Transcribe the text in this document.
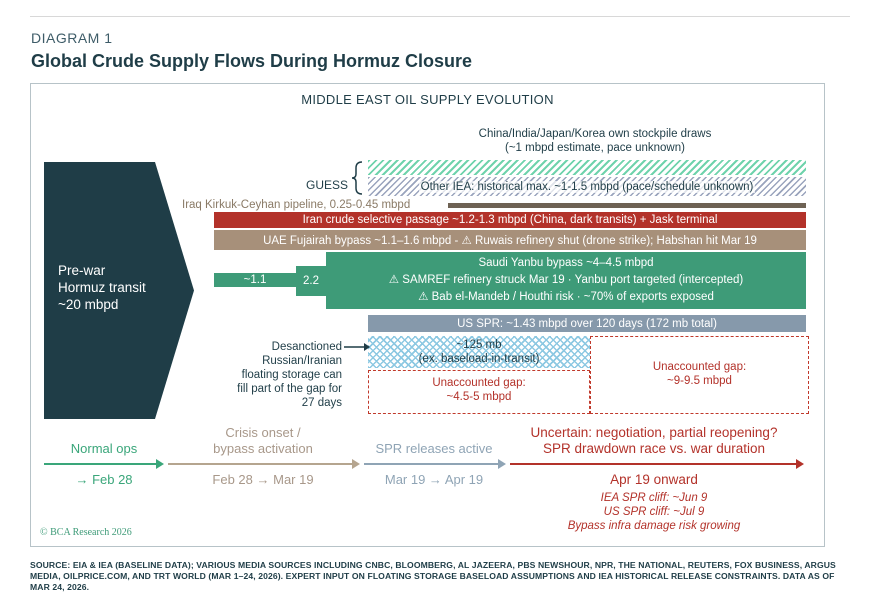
DIAGRAM 1
Global Crude Supply Flows During Hormuz Closure
MIDDLE EAST OIL SUPPLY EVOLUTION
Pre-war
Hormuz transit
~20 mbpd
China/India/Japan/Korea own stockpile draws
(~1 mbpd estimate, pace unknown)
GUESS	Other IEA: historical max. ~1-1.5 mbpd (pace/schedule unknown)
Iraq Kirkuk-Ceyhan pipeline, 0.25-0.45 mbpd
Iran crude selective passage ~1.2-1.3 mbpd (China, dark transits) + Jask terminal
UAE Fujairah bypass ~1.1–1.6 mbpd - ⚠ Ruwais refinery shut (drone strike); Habshan hit Mar 19
~1.1	2.2
Saudi Yanbu bypass ~4–4.5 mbpd
⚠ SAMREF refinery struck Mar 19 · Yanbu port targeted (intercepted)
⚠ Bab el-Mandeb / Houthi risk · ~70% of exports exposed
US SPR: ~1.43 mbpd over 120 days (172 mb total)
~125 mb
(ex. baseload-in-transit)
Desanctioned
Russian/Iranian
floating storage can
fill part of the gap for
27 days
Unaccounted gap:
~4.5-5 mbpd
Unaccounted gap:
~9-9.5 mbpd
Normal ops
Crisis onset /
bypass activation	SPR releases active
Uncertain: negotiation, partial reopening?
SPR drawdown race vs. war duration
→ Feb 28	Feb 28 → Mar 19	Mar 19 → Apr 19	Apr 19 onward
IEA SPR cliff: ~Jun 9
US SPR cliff: ~Jul 9
Bypass infra damage risk growing
© BCA Research 2026
SOURCE: EIA & IEA (BASELINE DATA); VARIOUS MEDIA SOURCES INCLUDING CNBC, BLOOMBERG, AL JAZEERA, PBS NEWSHOUR, NPR, THE NATIONAL, REUTERS, FOX BUSINESS, ARGUS MEDIA, OILPRICE.COM, AND TRT WORLD (MAR 1–24, 2026). EXPERT INPUT ON FLOATING STORAGE BASELOAD ASSUMPTIONS AND IEA HISTORICAL RELEASE CONSTRAINTS. DATA AS OF MAR 24, 2026.
